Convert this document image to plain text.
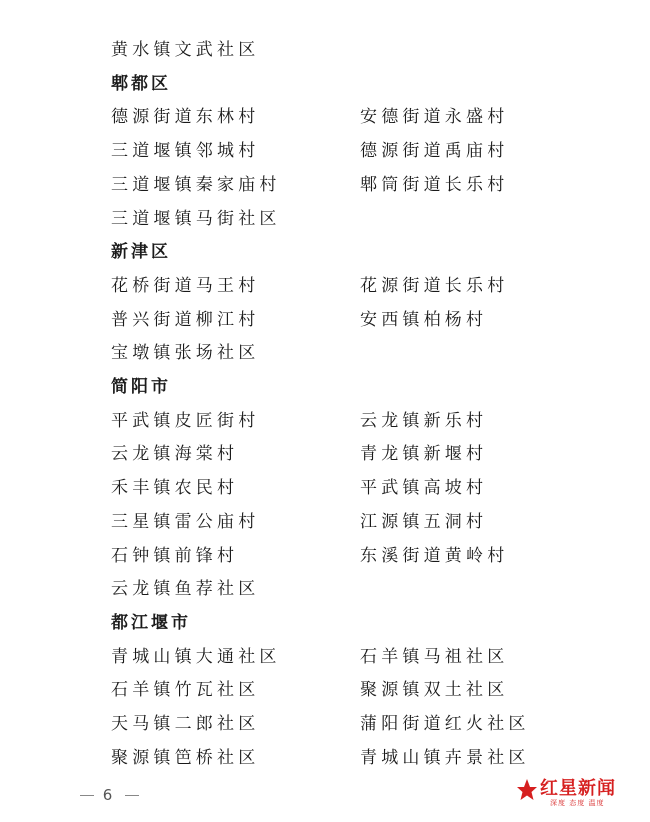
黄水镇文武社区
郫都区
德源街道东林村	安德街道永盛村
三道堰镇邻城村	德源街道禹庙村
三道堰镇秦家庙村	郫筒街道长乐村
三道堰镇马街社区
新津区
花桥街道马王村	花源街道长乐村
普兴街道柳江村	安西镇柏杨村
宝墩镇张场社区
简阳市
平武镇皮匠街村	云龙镇新乐村
云龙镇海棠村	青龙镇新堰村
禾丰镇农民村	平武镇高坡村
三星镇雷公庙村	江源镇五洞村
石钟镇前锋村	东溪街道黄岭村
云龙镇鱼荐社区
都江堰市
青城山镇大通社区	石羊镇马祖社区
石羊镇竹瓦社区	聚源镇双土社区
天马镇二郎社区	蒲阳街道红火社区
聚源镇笆桥社区	青城山镇卉景社区
6	红星新闻
深度 态度 温度
